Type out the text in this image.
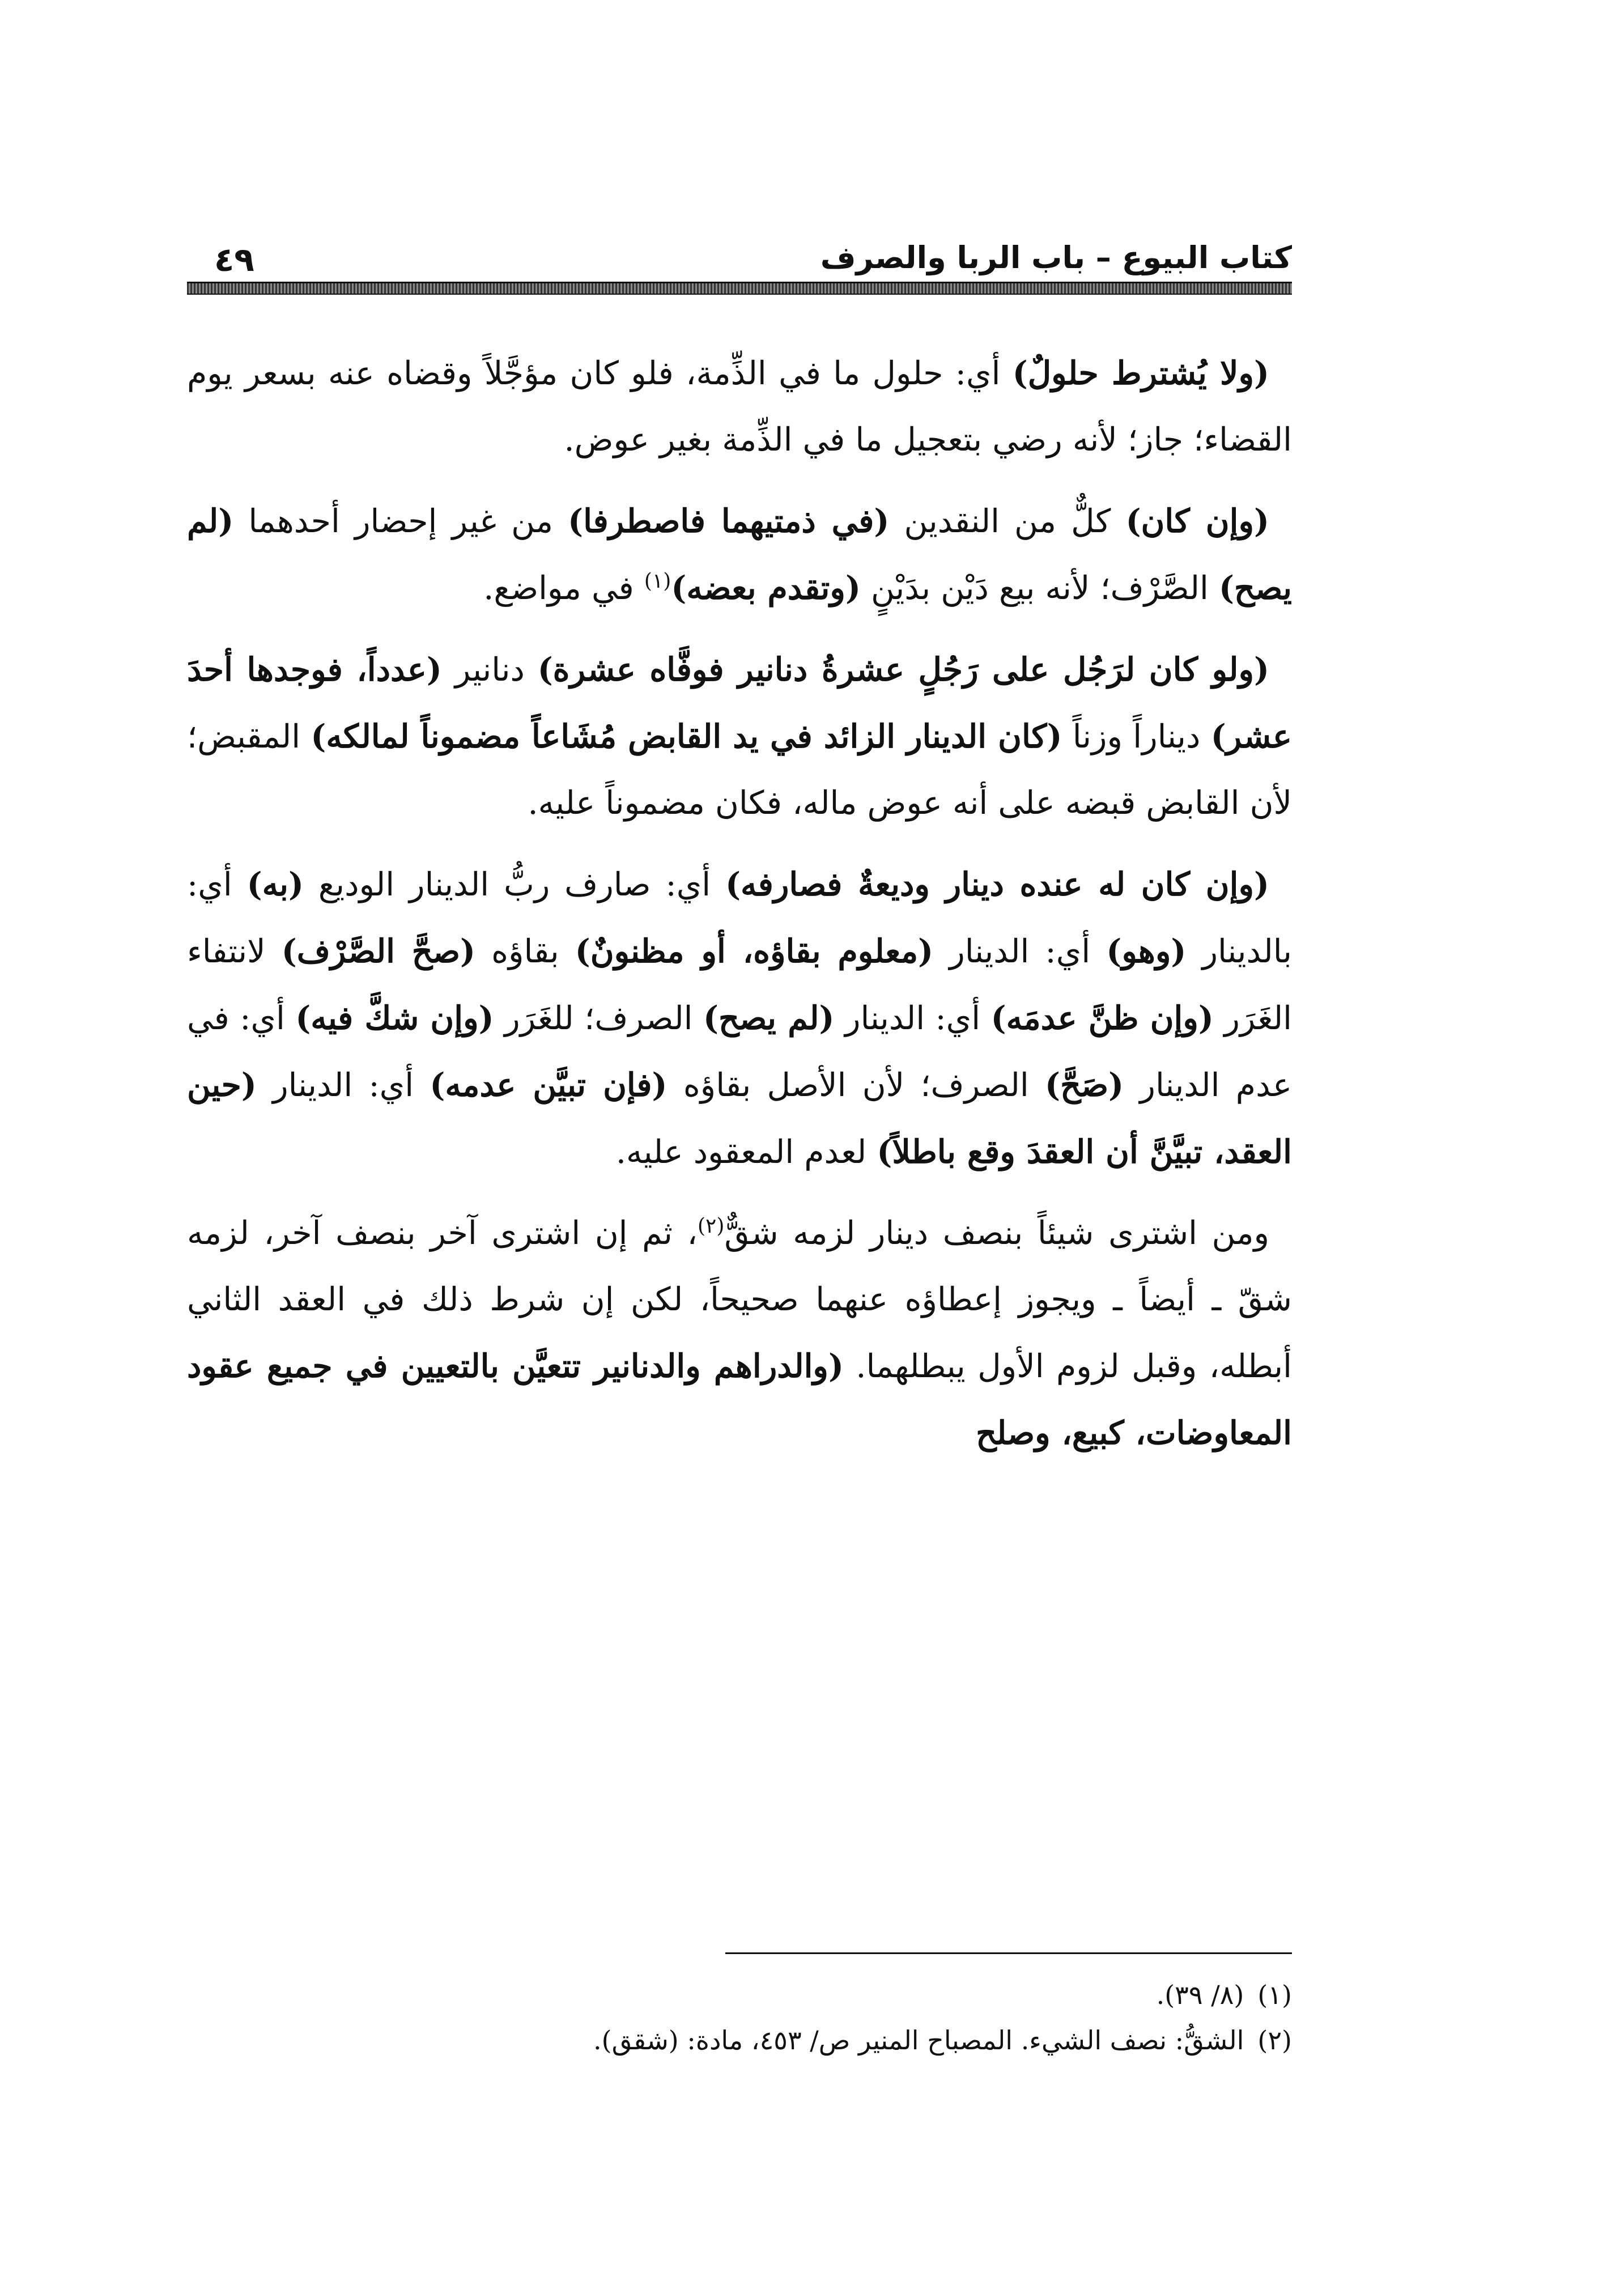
كتاب البيوع – باب الربا والصرف
٤٩

(ولا يُشترط حلولٌ) أي: حلول ما في الذِّمة، فلو كان مؤجَّلاً وقضاه عنه بسعر يوم القضاء؛ جاز؛ لأنه رضي بتعجيل ما في الذِّمة بغير عوض.

(وإن كان) كلٌّ من النقدين (في ذمتيهما فاصطرفا) من غير إحضار أحدهما (لم يصح) الصَّرْف؛ لأنه بيع دَيْن بدَيْنٍ (وتقدم بعضه)$^{(١)}$ في مواضع.

(ولو كان لرَجُل على رَجُلٍ عشرةُ دنانير فوفَّاه عشرة) دنانير (عدداً، فوجدها أحدَ عشر) ديناراً وزناً (كان الدينار الزائد في يد القابض مُشَاعاً مضموناً لمالكه) المقبض؛ لأن القابض قبضه على أنه عوض ماله، فكان مضموناً عليه.

(وإن كان له عنده دينار وديعةٌ فصارفه) أي: صارف ربُّ الدينار الوديع (به) أي: بالدينار (وهو) أي: الدينار (معلوم بقاؤه، أو مظنونٌ) بقاؤه (صحَّ الصَّرْف) لانتفاء الغَرَر (وإن ظنَّ عدمَه) أي: الدينار (لم يصح) الصرف؛ للغَرَر (وإن شكَّ فيه) أي: في عدم الدينار (صَحَّ) الصرف؛ لأن الأصل بقاؤه (فإن تبيَّن عدمه) أي: الدينار (حين العقد، تبيَّنَّ أن العقدَ وقع باطلاً) لعدم المعقود عليه.

ومن اشترى شيئاً بنصف دينار لزمه شقٌّ$^{(٢)}$، ثم إن اشترى آخر بنصف آخر، لزمه شقّ ـ أيضاً ـ ويجوز إعطاؤه عنهما صحيحاً، لكن إن شرط ذلك في العقد الثاني أبطله، وقبل لزوم الأول يبطلهما. (والدراهم والدنانير تتعيَّن بالتعيين في جميع عقود المعاوضات، كبيع، وصلح

(١)(٨/ ٣٩).
(٢)الشقُّ: نصف الشيء. المصباح المنير ص/ ٤٥٣، مادة: (شقق).
